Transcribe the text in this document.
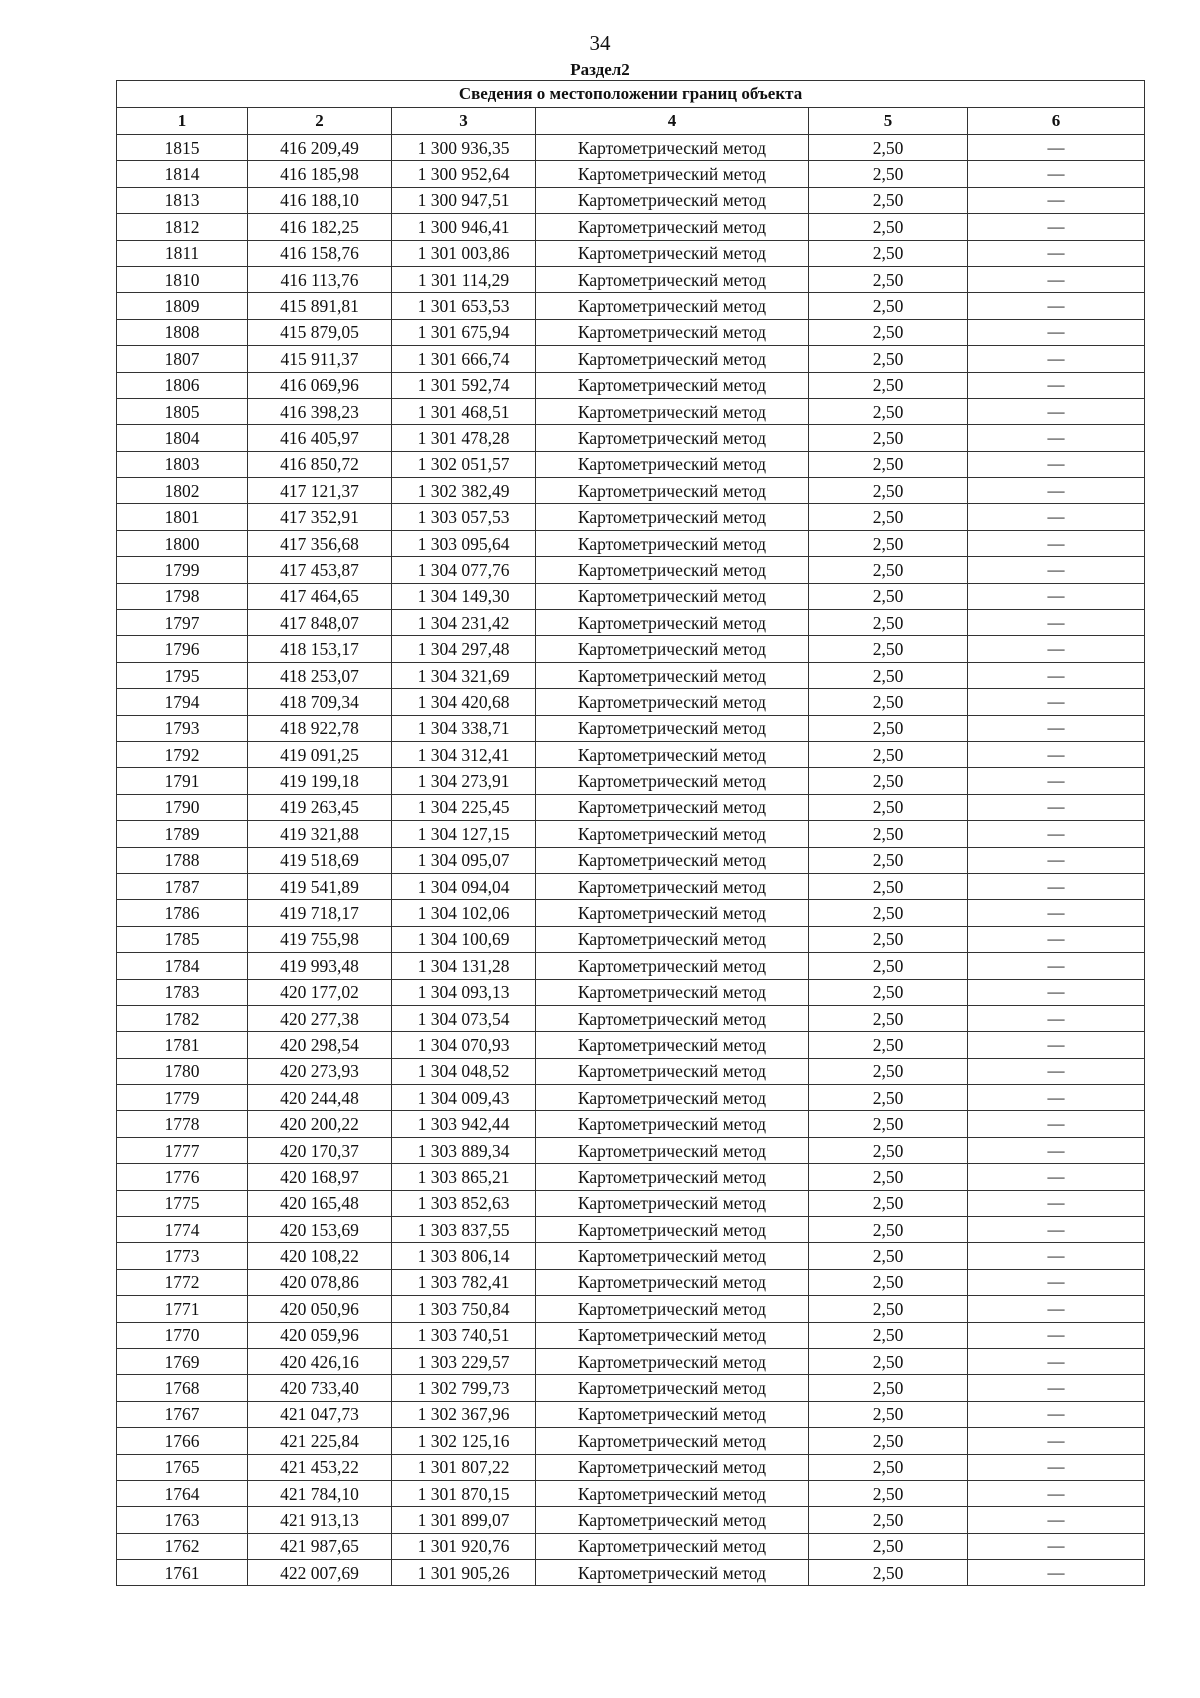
34
Раздел2
Сведения о местоположении границ объекта					
1	2	3	4	5	6
1815	416 209,49	1 300 936,35	Картометрический метод	2,50	—
1814	416 185,98	1 300 952,64	Картометрический метод	2,50	—
1813	416 188,10	1 300 947,51	Картометрический метод	2,50	—
1812	416 182,25	1 300 946,41	Картометрический метод	2,50	—
1811	416 158,76	1 301 003,86	Картометрический метод	2,50	—
1810	416 113,76	1 301 114,29	Картометрический метод	2,50	—
1809	415 891,81	1 301 653,53	Картометрический метод	2,50	—
1808	415 879,05	1 301 675,94	Картометрический метод	2,50	—
1807	415 911,37	1 301 666,74	Картометрический метод	2,50	—
1806	416 069,96	1 301 592,74	Картометрический метод	2,50	—
1805	416 398,23	1 301 468,51	Картометрический метод	2,50	—
1804	416 405,97	1 301 478,28	Картометрический метод	2,50	—
1803	416 850,72	1 302 051,57	Картометрический метод	2,50	—
1802	417 121,37	1 302 382,49	Картометрический метод	2,50	—
1801	417 352,91	1 303 057,53	Картометрический метод	2,50	—
1800	417 356,68	1 303 095,64	Картометрический метод	2,50	—
1799	417 453,87	1 304 077,76	Картометрический метод	2,50	—
1798	417 464,65	1 304 149,30	Картометрический метод	2,50	—
1797	417 848,07	1 304 231,42	Картометрический метод	2,50	—
1796	418 153,17	1 304 297,48	Картометрический метод	2,50	—
1795	418 253,07	1 304 321,69	Картометрический метод	2,50	—
1794	418 709,34	1 304 420,68	Картометрический метод	2,50	—
1793	418 922,78	1 304 338,71	Картометрический метод	2,50	—
1792	419 091,25	1 304 312,41	Картометрический метод	2,50	—
1791	419 199,18	1 304 273,91	Картометрический метод	2,50	—
1790	419 263,45	1 304 225,45	Картометрический метод	2,50	—
1789	419 321,88	1 304 127,15	Картометрический метод	2,50	—
1788	419 518,69	1 304 095,07	Картометрический метод	2,50	—
1787	419 541,89	1 304 094,04	Картометрический метод	2,50	—
1786	419 718,17	1 304 102,06	Картометрический метод	2,50	—
1785	419 755,98	1 304 100,69	Картометрический метод	2,50	—
1784	419 993,48	1 304 131,28	Картометрический метод	2,50	—
1783	420 177,02	1 304 093,13	Картометрический метод	2,50	—
1782	420 277,38	1 304 073,54	Картометрический метод	2,50	—
1781	420 298,54	1 304 070,93	Картометрический метод	2,50	—
1780	420 273,93	1 304 048,52	Картометрический метод	2,50	—
1779	420 244,48	1 304 009,43	Картометрический метод	2,50	—
1778	420 200,22	1 303 942,44	Картометрический метод	2,50	—
1777	420 170,37	1 303 889,34	Картометрический метод	2,50	—
1776	420 168,97	1 303 865,21	Картометрический метод	2,50	—
1775	420 165,48	1 303 852,63	Картометрический метод	2,50	—
1774	420 153,69	1 303 837,55	Картометрический метод	2,50	—
1773	420 108,22	1 303 806,14	Картометрический метод	2,50	—
1772	420 078,86	1 303 782,41	Картометрический метод	2,50	—
1771	420 050,96	1 303 750,84	Картометрический метод	2,50	—
1770	420 059,96	1 303 740,51	Картометрический метод	2,50	—
1769	420 426,16	1 303 229,57	Картометрический метод	2,50	—
1768	420 733,40	1 302 799,73	Картометрический метод	2,50	—
1767	421 047,73	1 302 367,96	Картометрический метод	2,50	—
1766	421 225,84	1 302 125,16	Картометрический метод	2,50	—
1765	421 453,22	1 301 807,22	Картометрический метод	2,50	—
1764	421 784,10	1 301 870,15	Картометрический метод	2,50	—
1763	421 913,13	1 301 899,07	Картометрический метод	2,50	—
1762	421 987,65	1 301 920,76	Картометрический метод	2,50	—
1761	422 007,69	1 301 905,26	Картометрический метод	2,50	—
